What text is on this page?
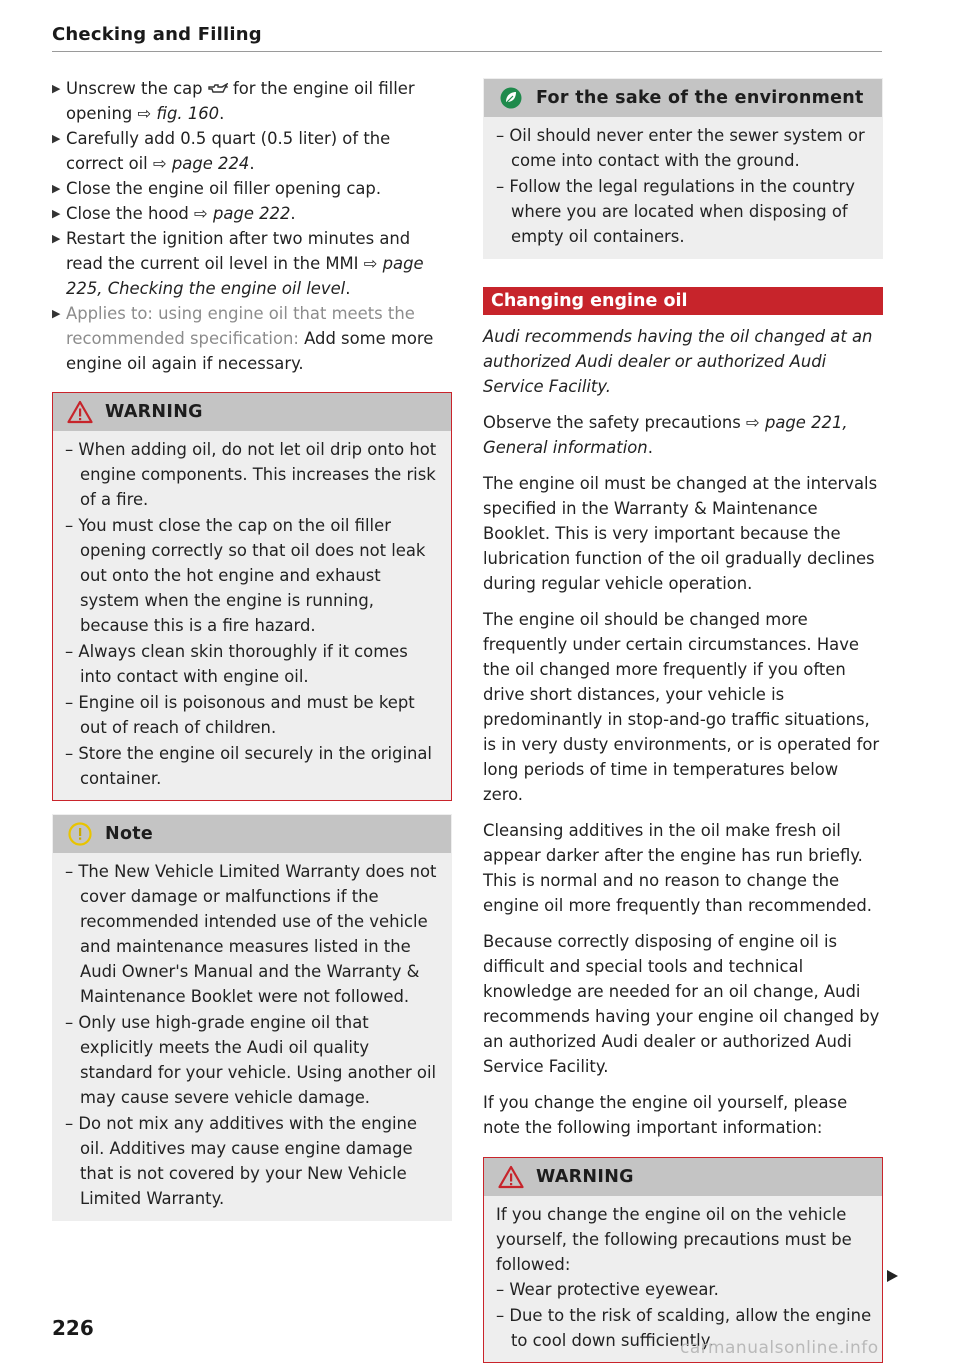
Checking and Filling
▶ Unscrew the cap  for the engine oil filler opening ⇨ fig. 160.
▶ Carefully add 0.5 quart (0.5 liter) of the correct oil ⇨ page 224.
▶ Close the engine oil filler opening cap.
▶ Close the hood ⇨ page 222.
▶ Restart the ignition after two minutes and read the current oil level in the MMI ⇨ page 225, Checking the engine oil level.
▶ Applies to: using engine oil that meets the recommended specification: Add some more engine oil again if necessary.
WARNING

– When adding oil, do not let oil drip onto hot engine components. This increases the risk of a fire.

– You must close the cap on the oil filler opening correctly so that oil does not leak out onto the hot engine and exhaust system when the engine is running, because this is a fire hazard.

– Always clean skin thoroughly if it comes into contact with engine oil.

– Engine oil is poisonous and must be kept out of reach of children.

– Store the engine oil securely in the original container.

Note

– The New Vehicle Limited Warranty does not cover damage or malfunctions if the recommended intended use of the vehicle and maintenance measures listed in the Audi Owner's Manual and the Warranty & Maintenance Booklet were not followed.

– Only use high-grade engine oil that explicitly meets the Audi oil quality standard for your vehicle. Using another oil may cause severe vehicle damage.

– Do not mix any additives with the engine oil. Additives may cause engine damage that is not covered by your New Vehicle Limited Warranty.

For the sake of the environment

– Oil should never enter the sewer system or come into contact with the ground.

– Follow the legal regulations in the country where you are located when disposing of empty oil containers.

Changing engine oil

Audi recommends having the oil changed at an authorized Audi dealer or authorized Audi Service Facility.

Observe the safety precautions ⇨ page 221, General information.

The engine oil must be changed at the intervals specified in the Warranty & Maintenance Booklet. This is very important because the lubrication function of the oil gradually declines during regular vehicle operation.

The engine oil should be changed more frequently under certain circumstances. Have the oil changed more frequently if you often drive short distances, your vehicle is predominantly in stop-and-go traffic situations, is in very dusty environments, or is operated for long periods of time in temperatures below zero.

Cleansing additives in the oil make fresh oil appear darker after the engine has run briefly. This is normal and no reason to change the engine oil more frequently than recommended.

Because correctly disposing of engine oil is difficult and special tools and technical knowledge are needed for an oil change, Audi recommends having your engine oil changed by an authorized Audi dealer or authorized Audi Service Facility.

If you change the engine oil yourself, please note the following important information:

WARNING

If you change the engine oil on the vehicle yourself, the following precautions must be followed:

– Wear protective eyewear.

– Due to the risk of scalding, allow the engine to cool down sufficiently.

226
carmanualsonline.info
